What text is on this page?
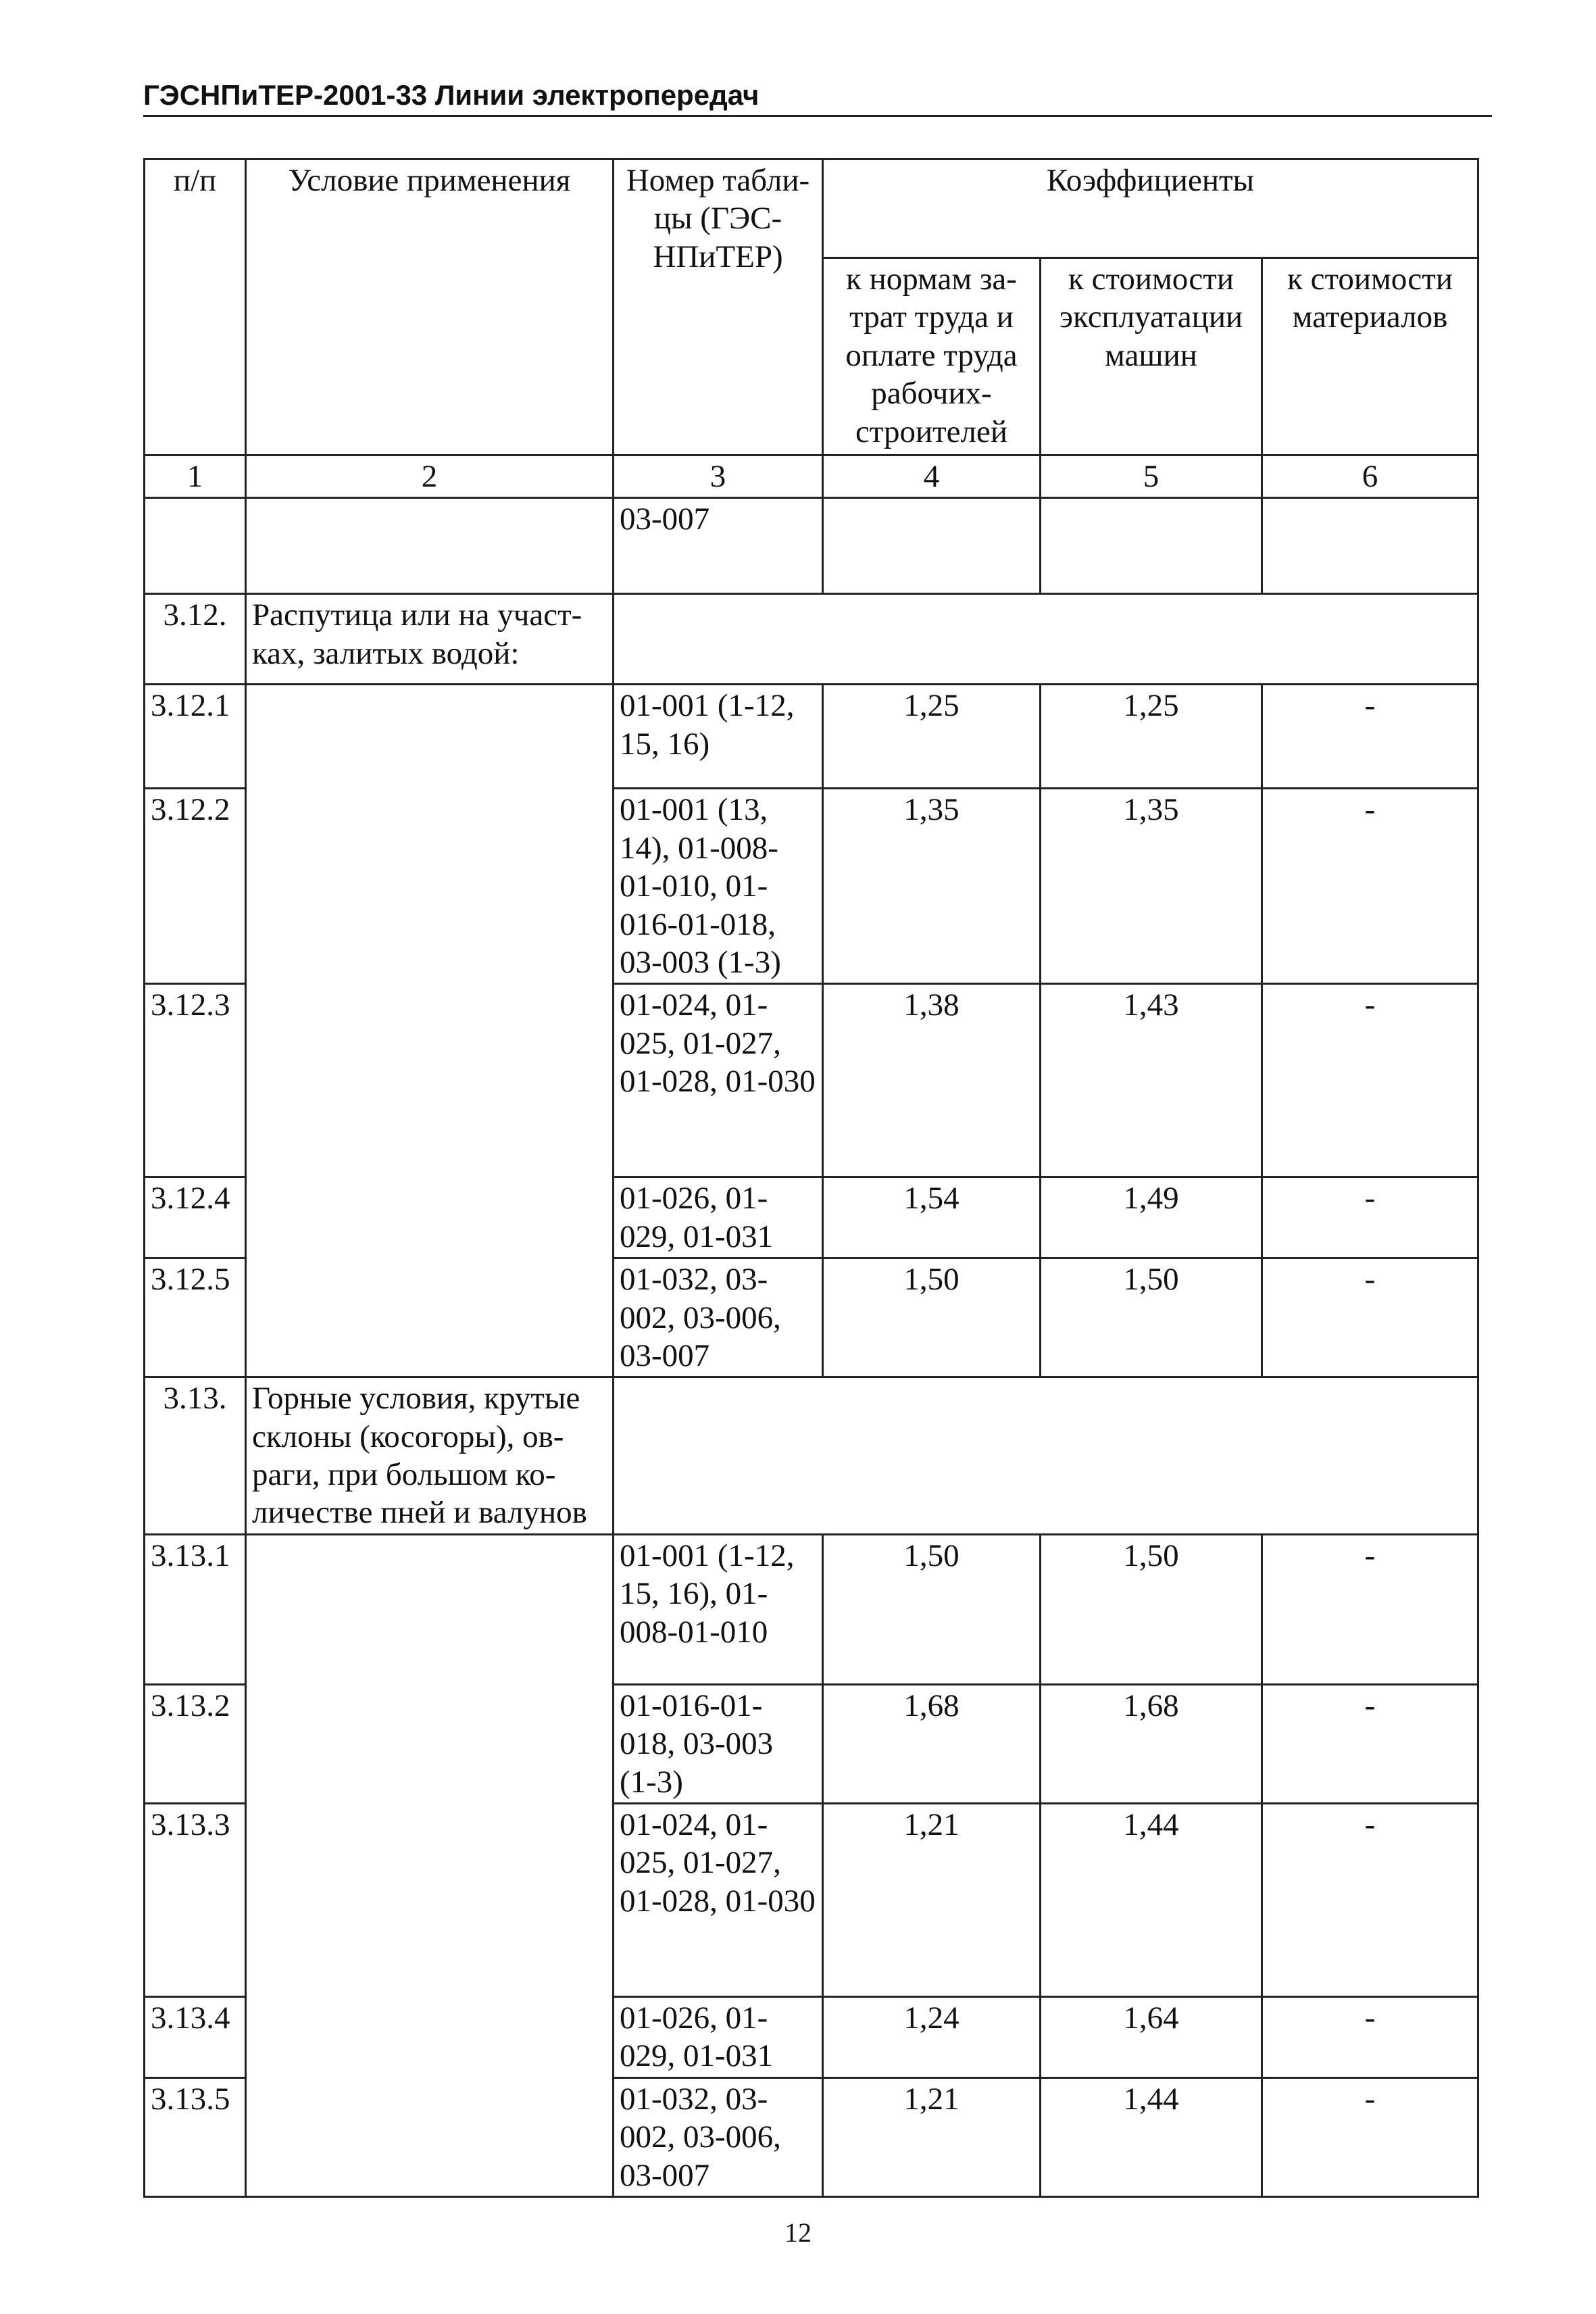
ГЭСНПиТЕР-2001-33 Линии электропередач
п/п	Условие применения	Номер табли-цы (ГЭС-НПиТЕР)	Коэффициенты		
			к нормам за-трат труда и оплате труда рабочих-строителей	к стоимости эксплуатации машин	к стоимости материалов
1	2	3	4	5	6
		03-007			
3.12.	Распутица или на участ-ках, залитых водой:				
3.12.1		01-001 (1-12, 15, 16)	1,25	1,25	-
3.12.2		01-001 (13, 14), 01-008-01-010, 01-016-01-018, 03-003 (1-3)	1,35	1,35	-
3.12.3		01-024, 01-025, 01-027, 01-028, 01-030	1,38	1,43	-
3.12.4		01-026, 01-029, 01-031	1,54	1,49	-
3.12.5		01-032, 03-002, 03-006, 03-007	1,50	1,50	-
3.13.	Горные условия, крутые склоны (косогоры), ов-раги, при большом ко-личестве пней и валунов				
3.13.1		01-001 (1-12, 15, 16), 01-008-01-010	1,50	1,50	-
3.13.2		01-016-01-018, 03-003 (1-3)	1,68	1,68	-
3.13.3		01-024, 01-025, 01-027, 01-028, 01-030	1,21	1,44	-
3.13.4		01-026, 01-029, 01-031	1,24	1,64	-
3.13.5		01-032, 03-002, 03-006, 03-007	1,21	1,44	-
12
